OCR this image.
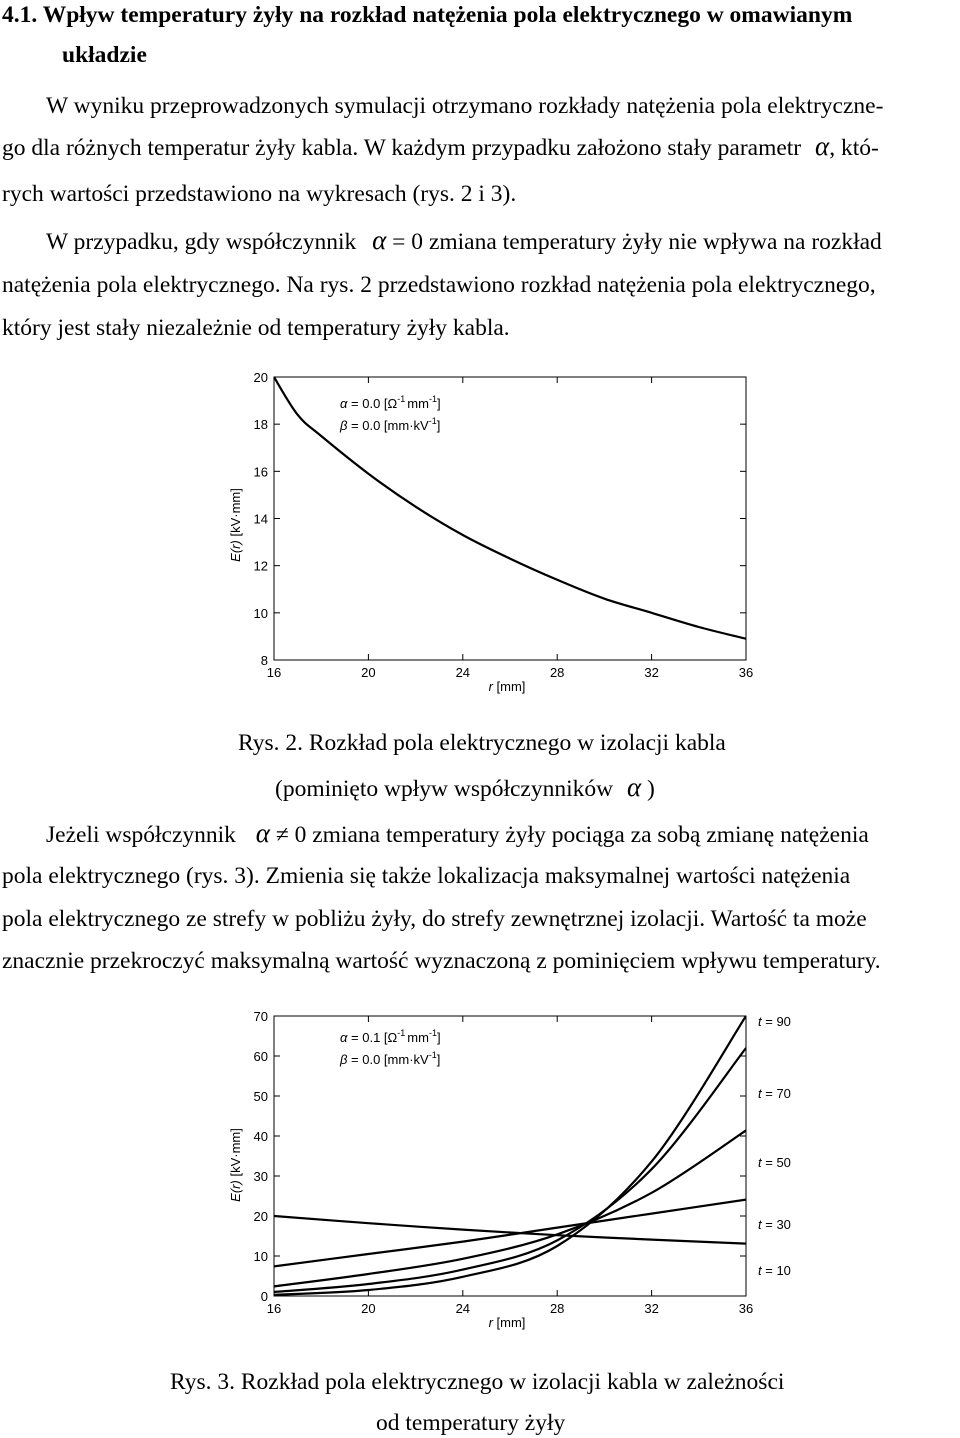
4.1. Wpływ temperatury żyły na rozkład natężenia pola elektrycznego w omawianym
układzie
W wyniku przeprowadzonych symulacji otrzymano rozkłady natężenia pola elektryczne-
go dla różnych temperatur żyły kabla. W każdym przypadku założono stały parametr α, któ-
rych wartości przedstawiono na wykresach (rys. 2 i 3).
W przypadku, gdy współczynnik α = 0 zmiana temperatury żyły nie wpływa na rozkład
natężenia pola elektrycznego. Na rys. 2 przedstawiono rozkład natężenia pola elektrycznego,
który jest stały niezależnie od temperatury żyły kabla.
8
10
12
14
16
18
20
16	20	24	28	32	36
r [mm]
E(r) [kV·mm]
α = 0.0 [$\Omega^{-1}$ $mm^{-1}$]
β = 0.0 $[mm\cdot kV^{-1}]$
Rys. 2. Rozkład pola elektrycznego w izolacji kabla
(pominięto wpływ współczynników α )
Jeżeli współczynnik α ≠ 0 zmiana temperatury żyły pociąga za sobą zmianę natężenia
pola elektrycznego (rys. 3). Zmienia się także lokalizacja maksymalnej wartości natężenia
pola elektrycznego ze strefy w pobliżu żyły, do strefy zewnętrznej izolacji. Wartość ta może
znacznie przekroczyć maksymalną wartość wyznaczoną z pominięciem wpływu temperatury.
0
10
20
30
40
50
60
70
16	20	24	28	32	36
r [mm]
E(r) [kV·mm]
α = 0.1 [$\Omega^{-1}$ $mm^{-1}$]
β = 0.0 $[mm\cdot kV^{-1}]$
t = 10
t = 30
t = 50
t = 70
t = 90
Rys. 3. Rozkład pola elektrycznego w izolacji kabla w zależności
od temperatury żyły
